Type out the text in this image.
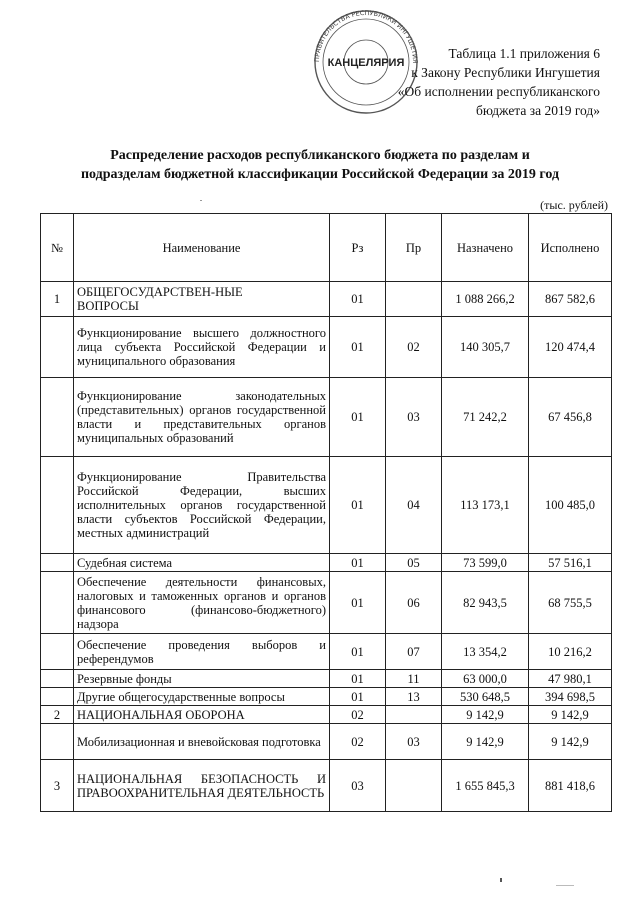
ПРАВИТЕЛЬСТВА РЕСПУБЛИКИ ИНГУШЕТИЯ
КАНЦЕЛЯРИЯ
Таблица 1.1 приложения 6
к Закону Республики Ингушетия
«Об исполнении республиканского
бюджета за 2019 год»
Распределение расходов республиканского бюджета по разделам и
подразделам бюджетной классификации Российской Федерации за 2019 год
(тыс. рублей)
№	Наименование	Рз	Пр	Назначено	Исполнено
1	ОБЩЕГОСУДАРСТВЕН-НЫЕ ВОПРОСЫ	01		1 088 266,2	867 582,6
	Функционирование высшего должностного лица субъекта Российской Федерации и муниципального образования	01	02	140 305,7	120 474,4
	Функционирование законодательных (представительных) органов государственной власти и представительных органов муниципальных образований	01	03	71 242,2	67 456,8
	Функционирование Правительства Российской Федерации, высших исполнительных органов государственной власти субъектов Российской Федерации, местных администраций	01	04	113 173,1	100 485,0
	Судебная система	01	05	73 599,0	57 516,1
	Обеспечение деятельности финансовых, налоговых и таможенных органов и органов финансового (финансово-бюджетного) надзора	01	06	82 943,5	68 755,5
	Обеспечение проведения выборов и референдумов	01	07	13 354,2	10 216,2
	Резервные фонды	01	11	63 000,0	47 980,1
	Другие общегосударственные вопросы	01	13	530 648,5	394 698,5
2	НАЦИОНАЛЬНАЯ ОБОРОНА	02		9 142,9	9 142,9
	Мобилизационная и вневойсковая подготовка	02	03	9 142,9	9 142,9
3	НАЦИОНАЛЬНАЯ БЕЗОПАСНОСТЬ И ПРАВООХРАНИТЕЛЬНАЯ ДЕЯТЕЛЬНОСТЬ	03		1 655 845,3	881 418,6
